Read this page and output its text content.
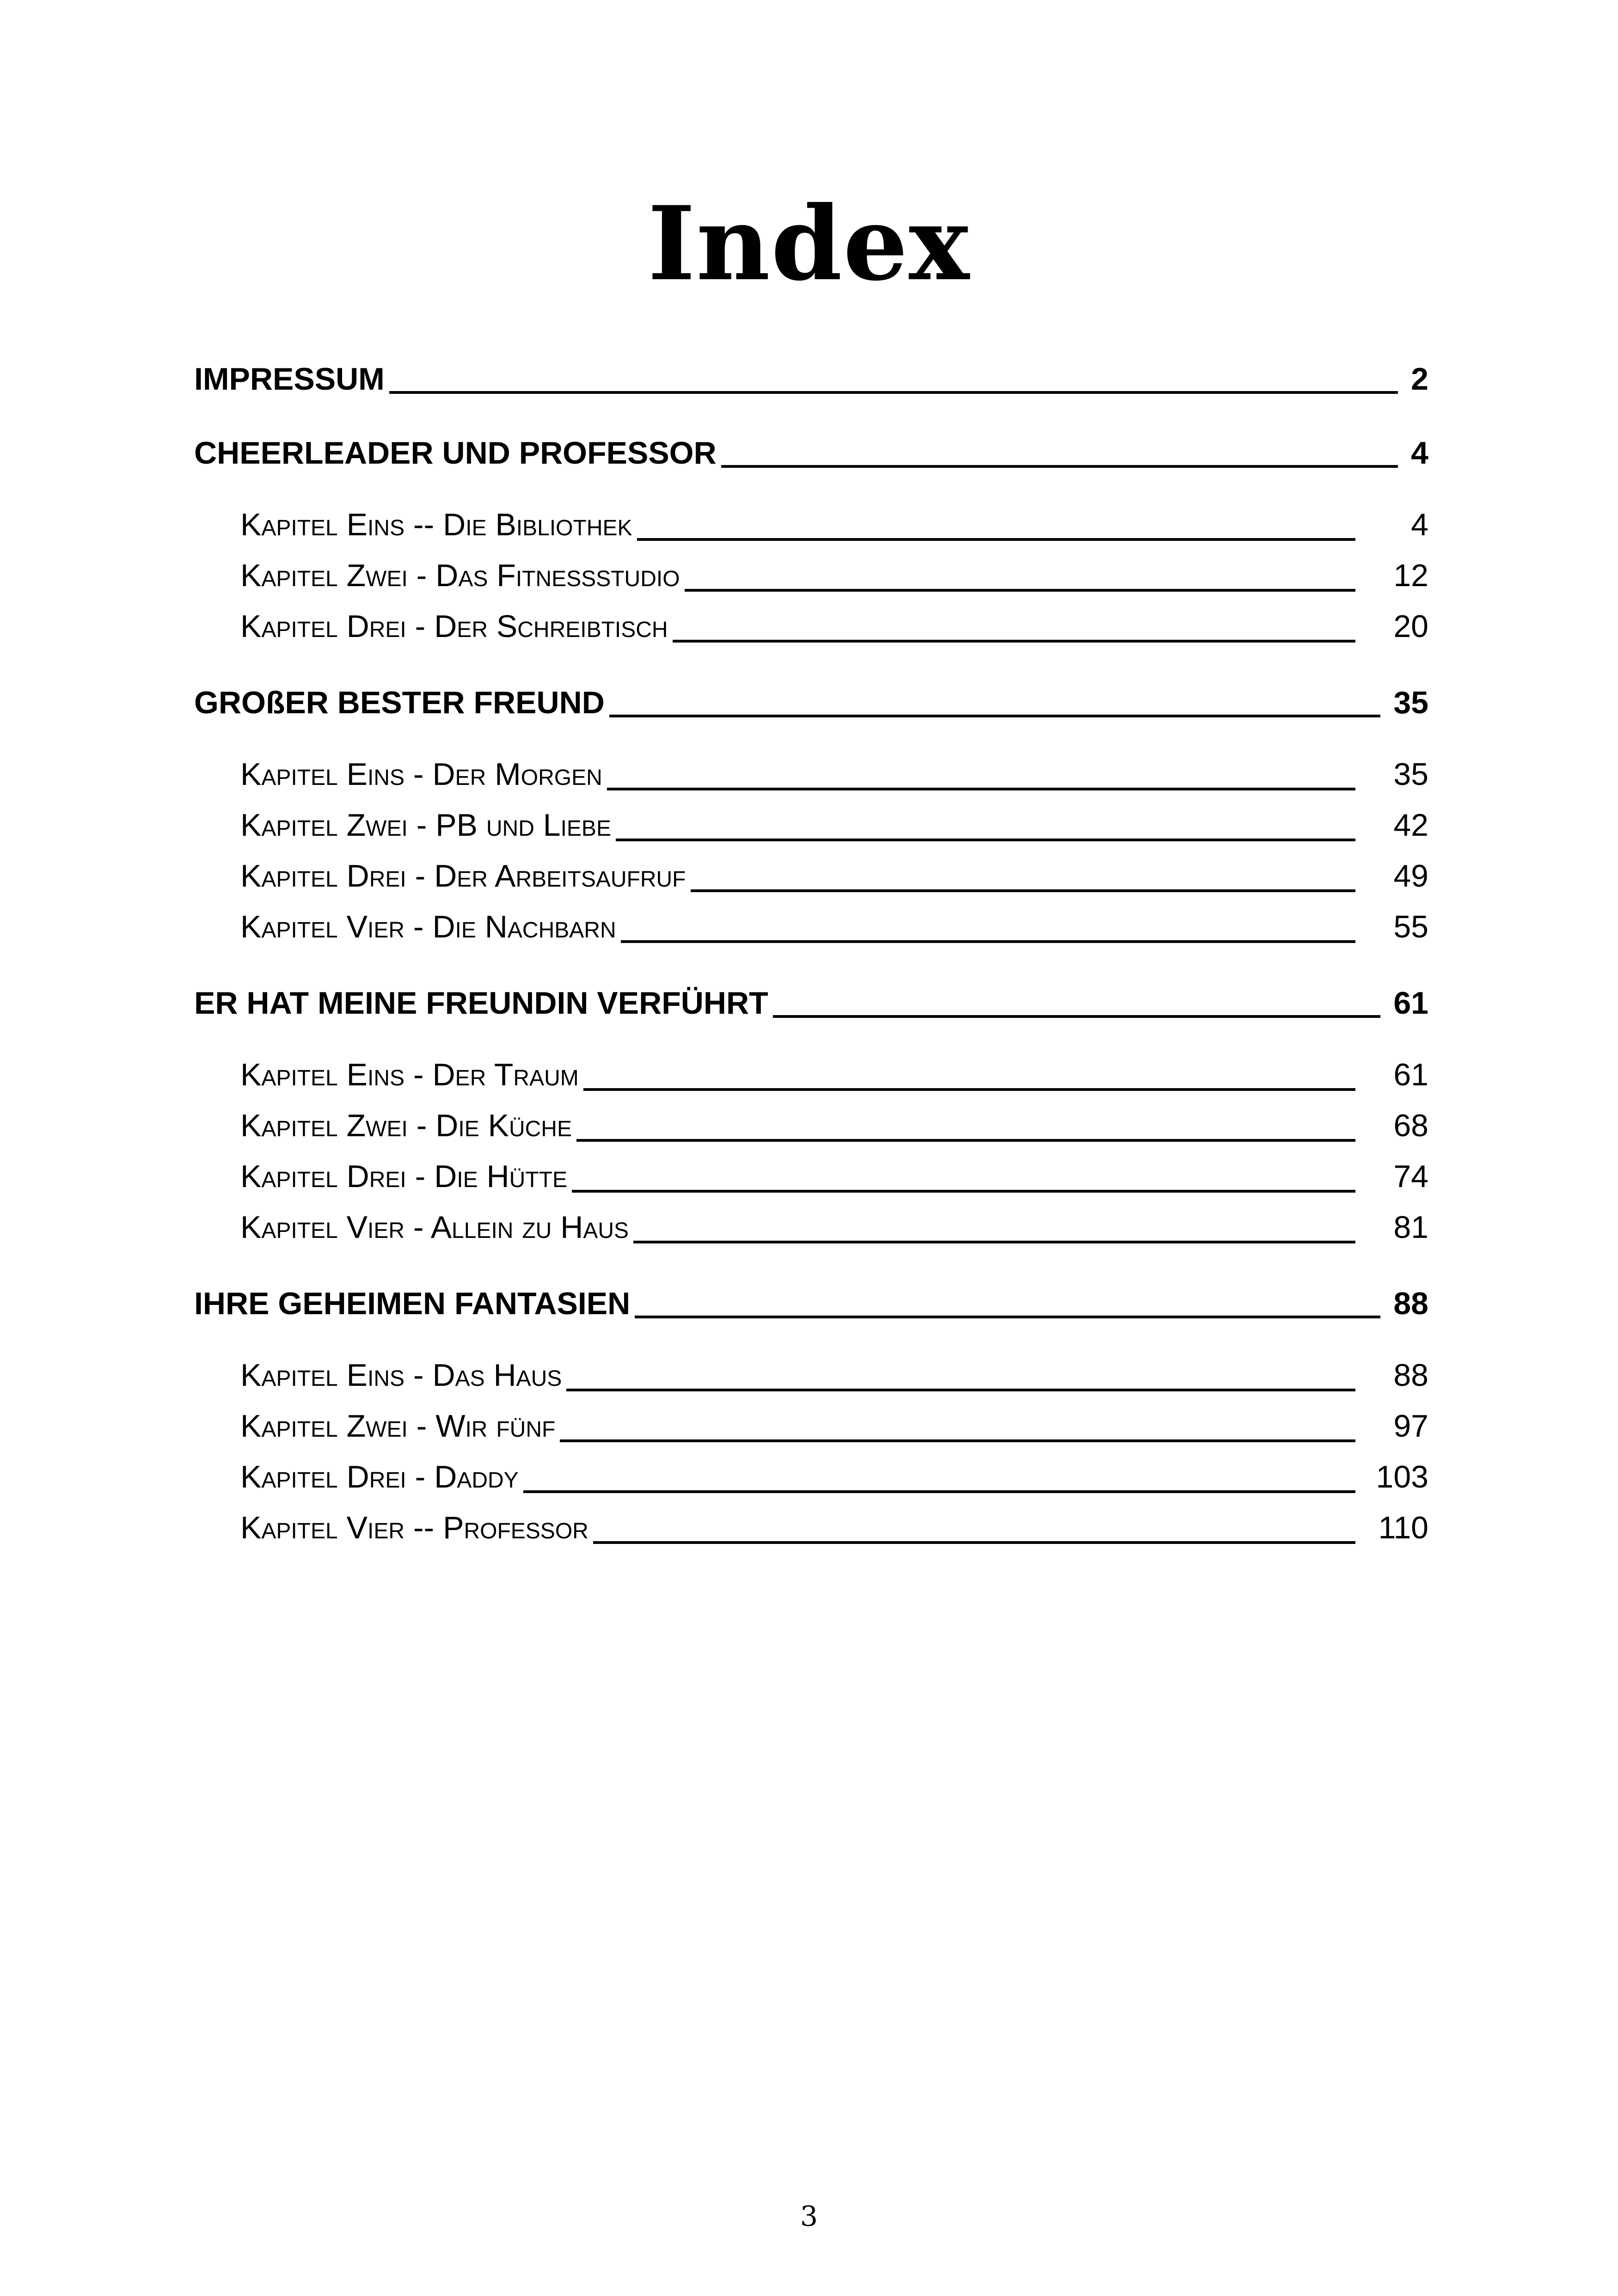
Index
IMPRESSUM	2
CHEERLEADER UND PROFESSOR	4
Kapitel Eins -- Die Bibliothek	4
Kapitel Zwei - Das Fitnessstudio	12
Kapitel Drei - Der Schreibtisch	20
GROßER BESTER FREUND	35
Kapitel Eins - Der Morgen	35
Kapitel Zwei - PB und Liebe	42
Kapitel Drei - Der Arbeitsaufruf	49
Kapitel Vier - Die Nachbarn	55
ER HAT MEINE FREUNDIN VERFÜHRT	61
Kapitel Eins - Der Traum	61
Kapitel Zwei - Die Küche	68
Kapitel Drei - Die Hütte	74
Kapitel Vier - Allein zu Haus	81
IHRE GEHEIMEN FANTASIEN	88
Kapitel Eins - Das Haus	88
Kapitel Zwei - Wir fünf	97
Kapitel Drei - Daddy	103
Kapitel Vier -- Professor	110
3
